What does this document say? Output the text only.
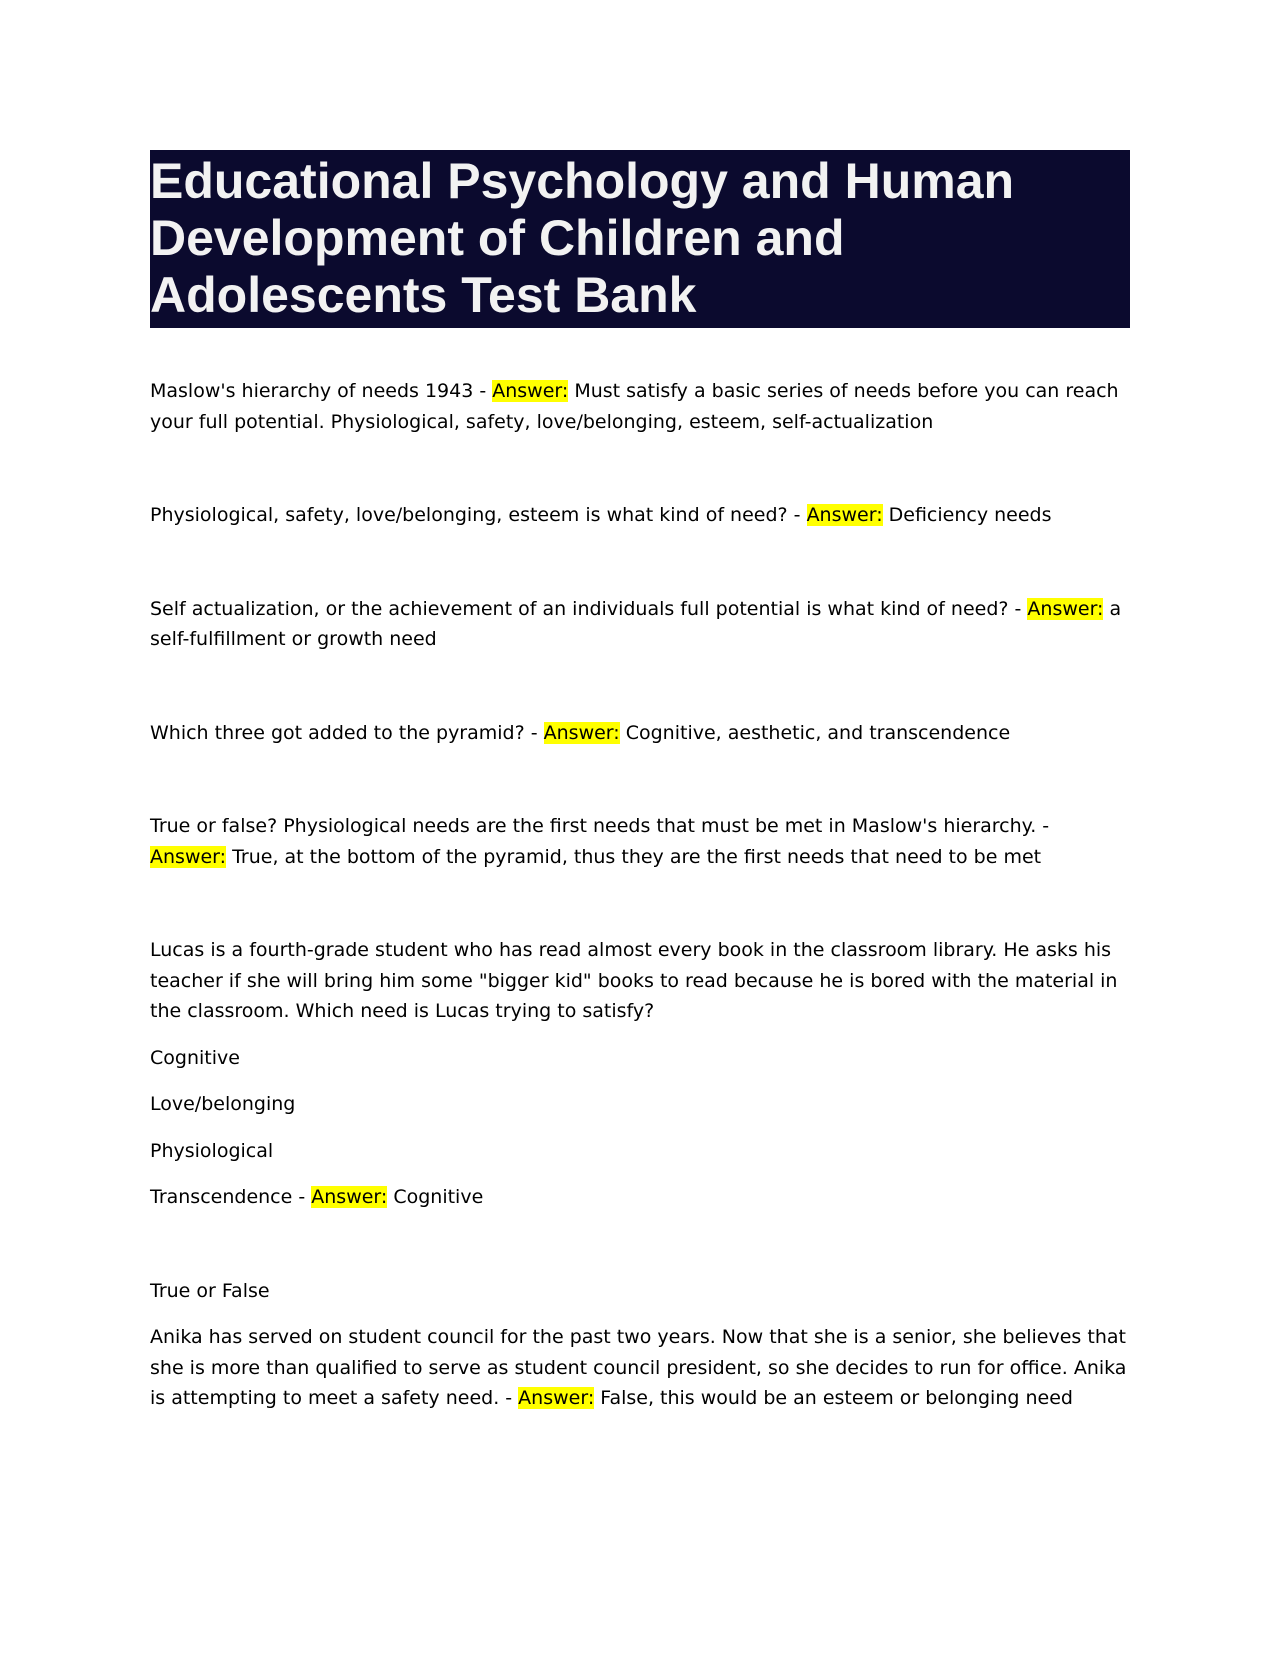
Educational Psychology and Human Development of Children and Adolescents Test Bank

Maslow's hierarchy of needs 1943 - Answer: Must satisfy a basic series of needs before you can reach your full potential. Physiological, safety, love/belonging, esteem, self-actualization

Physiological, safety, love/belonging, esteem is what kind of need? - Answer: Deficiency needs

Self actualization, or the achievement of an individuals full potential is what kind of need? - Answer: a self-fulfillment or growth need

Which three got added to the pyramid? - Answer: Cognitive, aesthetic, and transcendence

True or false? Physiological needs are the first needs that must be met in Maslow's hierarchy. - Answer: True, at the bottom of the pyramid, thus they are the first needs that need to be met

Lucas is a fourth-grade student who has read almost every book in the classroom library. He asks his teacher if she will bring him some "bigger kid" books to read because he is bored with the material in the classroom. Which need is Lucas trying to satisfy?

Cognitive

Love/belonging

Physiological

Transcendence - Answer: Cognitive

True or False

Anika has served on student council for the past two years. Now that she is a senior, she believes that she is more than qualified to serve as student council president, so she decides to run for office. Anika is attempting to meet a safety need. - Answer: False, this would be an esteem or belonging need
